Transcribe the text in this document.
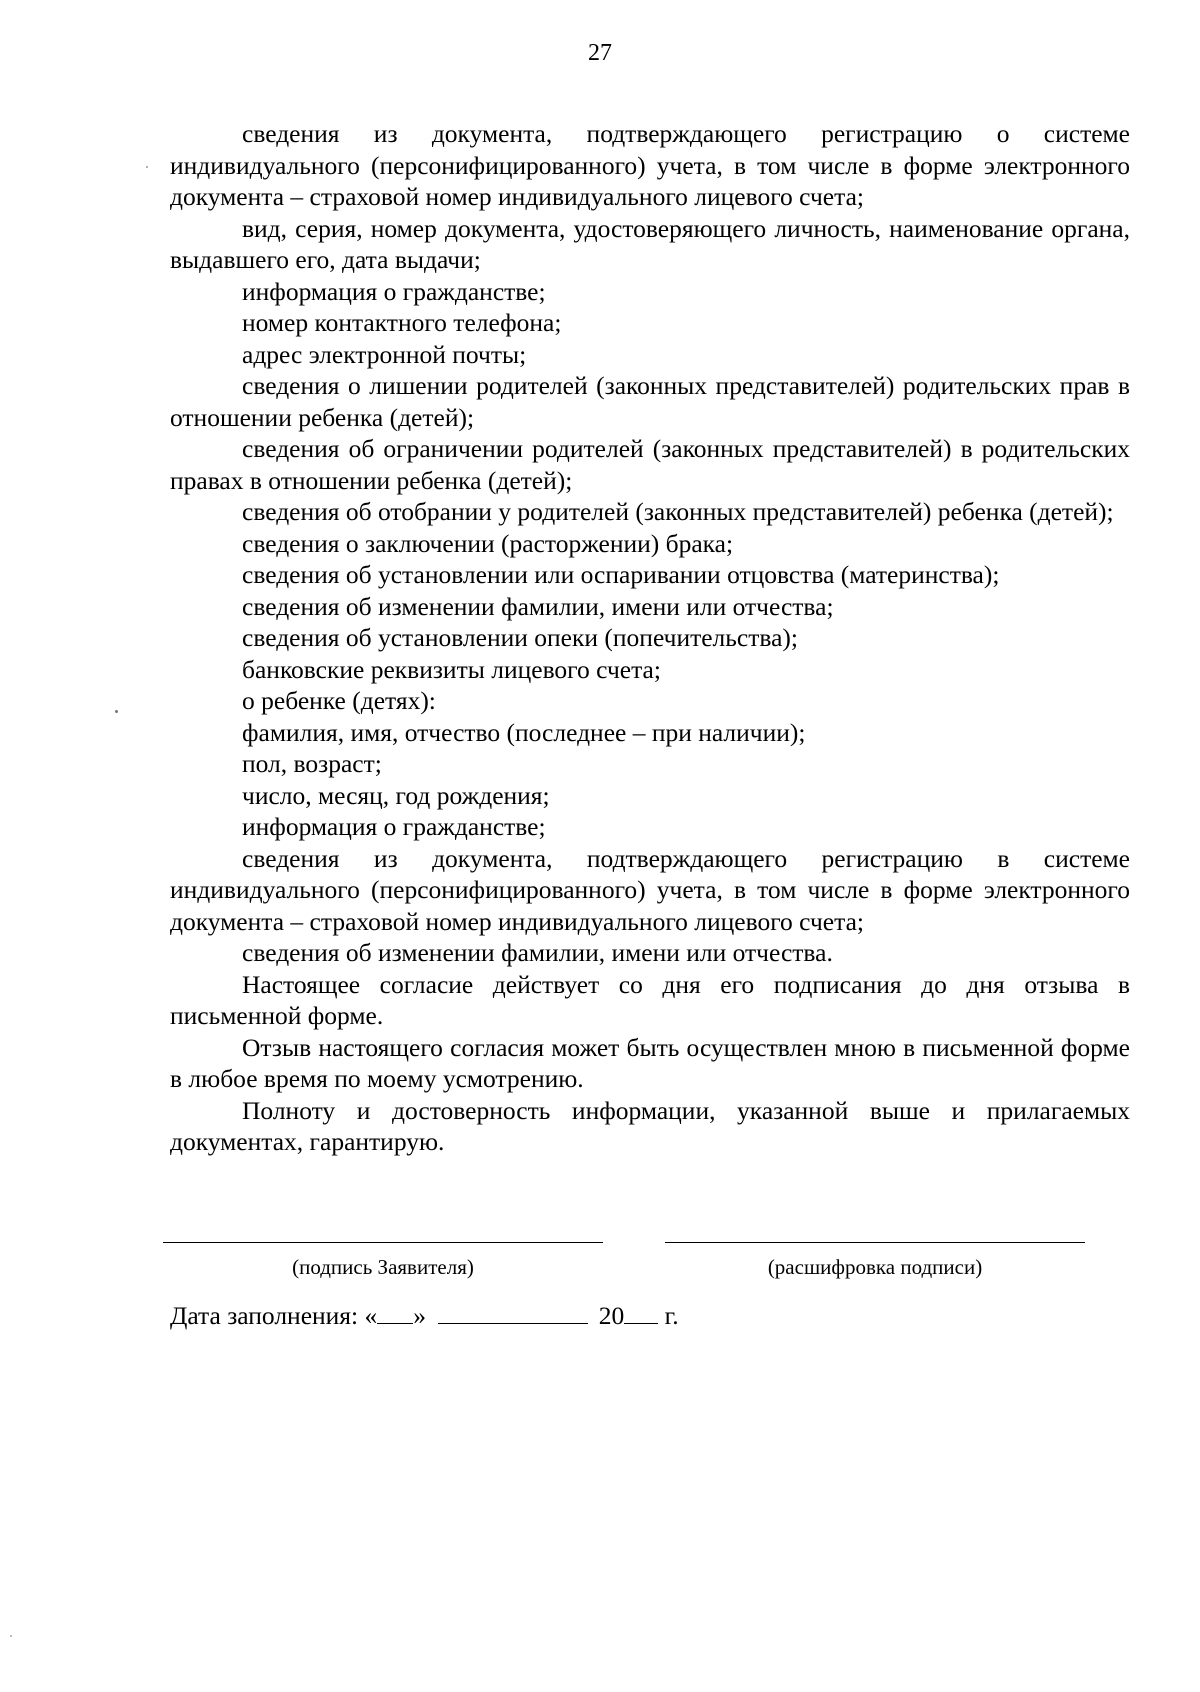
27

сведения из документа, подтверждающего регистрацию о системе индивидуального (персонифицированного) учета, в том числе в форме электронного документа – страховой номер индивидуального лицевого счета;

вид, серия, номер документа, удостоверяющего личность, наименование органа, выдавшего его, дата выдачи;

информация о гражданстве;

номер контактного телефона;

адрес электронной почты;

сведения о лишении родителей (законных представителей) родительских прав в отношении ребенка (детей);

сведения об ограничении родителей (законных представителей) в родительских правах в отношении ребенка (детей);

сведения об отобрании у родителей (законных представителей) ребенка (детей);

сведения о заключении (расторжении) брака;

сведения об установлении или оспаривании отцовства (материнства);

сведения об изменении фамилии, имени или отчества;

сведения об установлении опеки (попечительства);

банковские реквизиты лицевого счета;

о ребенке (детях):

фамилия, имя, отчество (последнее – при наличии);

пол, возраст;

число, месяц, год рождения;

информация о гражданстве;

сведения из документа, подтверждающего регистрацию в системе индивидуального (персонифицированного) учета, в том числе в форме электронного документа – страховой номер индивидуального лицевого счета;

сведения об изменении фамилии, имени или отчества.

Настоящее согласие действует со дня его подписания до дня отзыва в письменной форме.

Отзыв настоящего согласия может быть осуществлен мною в письменной форме в любое время по моему усмотрению.

Полноту и достоверность информации, указанной выше и прилагаемых документах, гарантирую.

(подпись Заявителя)	(расшифровка подписи)
Дата заполнения: « »	20 г.
